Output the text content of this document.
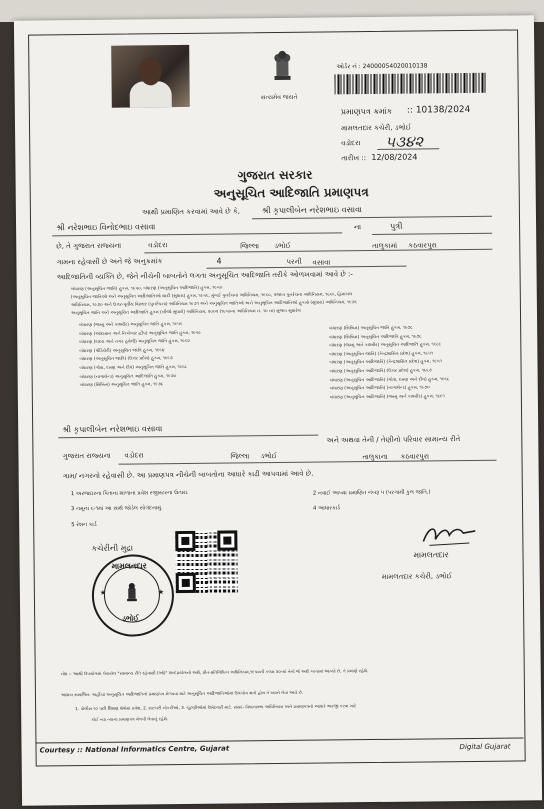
સત્યમેવ જયતે
ઓર્ડર નં : 24000054020010138
પ્રમાણપત્ર ક્રમાંક :: 10138/2024
મામલતદાર કચેરી, ડભોઈ
વડોદરા ૫૩૪૨
તારીખ :: 12/08/2024
ગુજરાત સરકાર
અનુસૂચિત આદિજાતિ પ્રમાણપત્ર
આથી પ્રમાણિત કરવામાં આવે છે કે,	શ્રી કૃપાલીબેન નરેશભાઇ વસાવા
શ્રી નરેશભાઇ વિનોદભાઇ વસાવા	ના	પુત્રી
છે, તે ગુજરાત રાજ્યના	વડોદરા	જિલ્લા ડભોઈ	તાલુકામાં કઠવારપુરા
ગામના રહેવાસી છે અને જે અનુક્રમાંક	4	પરની વસાવા
આદિજાતિની વ્યક્તિ છે, જેને નીચેની બાબતોને લગતા અનુસૂચિત આદિજાતિ તરીકે ઓળખવામાં આવે છે :-
બંધારણ (અનુસૂચિત જાતિ) હુકમ, ૧૯૫૦, બંધારણ (અનુસૂચિત આદિજાતિ) હુકમ, ૧૯૫૦
(અનુસૂચિત જાતિઓ અને અનુસૂચિત આદિજાતિઓ યાદી (સુધારા) હુકમ, ૧૯૫૬, મુંબઈ પુનર્રચના અધિનિયમ, ૧૯૬૦, પંજાબ પુનર્રચના અધિનિયમ, ૧૯૬૬, હિમાચલ
અધિનિયમ, ૧૯૭૦ અને ઉત્તર-પૂર્વીય વિસ્તાર (પુનર્રચના) અધિનિયમ ૧૯૭૧ અને અનુસૂચિત જાતિઓ અને અનુસૂચિત આદિજાતિઓ હુકમો (સુધારા) અધિનિયમ, ૧૯૭૬
અનુસૂચિત જાતિ અને અનુસૂચિત આદિજાતિ હુકમ (બીજો સુધારો) અધિનિયમ, ૨૦૦૨ (૧૯૫૦ના અધિનિયમ નં. ૧૦ ના) મુજબ સુધારેલ
બંધારણ (જમ્મુ અને કાશ્મીર) અનુસૂચિત જાતિ હુકમ, ૧૯૫૬
બંધારણ (આંદામાન અને નિકોબાર દ્વીપ) અનુસૂચિત જાતિ હુકમ, ૧૯૫૯
બંધારણ (દાદરા અને નગર હવેલી) અનુસૂચિત જાતિ હુકમ, ૧૯૬૨
બંધારણ (પોંડિચેરી) અનુસૂચિત જાતિ હુકમ, ૧૯૬૪
બંધારણ (અનુસૂચિત જાતિ) (ઉત્તર પ્રદેશ) હુકમ, ૧૯૬૭
બંધારણ (ગોવા, દમણ અને દીવ) અનુસૂચિત જાતિ હુકમ, ૧૯૬૮
બંધારણ (નાગાલેન્ડ) અનુસૂચિત આદિજાતિ હુકમ, ૧૯૭૦
બંધારણ (સિક્કિમ) અનુસૂચિત જાતિ હુકમ, ૧૯૭૮
બંધારણ (સિક્કિમ) અનુસૂચિત જાતિ હુકમ, ૧૯૭૮
બંધારણ (સિક્કિમ) અનુસૂચિત આદિજાતિ હુકમ, ૧૯૭૮
બંધારણ (જમ્મુ અને કાશ્મીર) અનુસૂચિત આદિજાતિ હુકમ, ૧૯૮૯
બંધારણ (અનુસૂચિત જાતિ) (કેન્દ્રશાસિત પ્રદેશ) હુકમ, ૧૯૫૧
બંધારણ (અનુસૂચિત આદિજાતિ) (કેન્દ્રશાસિત પ્રદેશ) હુકમ, ૧૯૫૧
બંધારણ (અનુસૂચિત આદિજાતિ) (ઉત્તર પ્રદેશ) હુકમ, ૧૯૬૭
બંધારણ (અનુસૂચિત આદિજાતિ) (ગોવા, દમણ અને દીવ) હુકમ, ૧૯૬૮
બંધારણ (અનુસૂચિત આદિજાતિ) (નાગાલેન્ડ) હુકમ, ૧૯૭૦
બંધારણ (અનુસૂચિત આદિજાતિ) (જમ્મુ અને કાશ્મીર) હુકમ, ૧૯૯૧
શ્રી કૃપાલીબેન નરેશભાઇ વસાવા
અને અથવા તેની / તેણીનો પરિવાર સામાન્ય રીતે
ગુજરાત રાજ્યના વડોદરા	જિલ્લા ડભોઈ	તાલુકાના કઠવારપુરા
ગામ/ નગરનો રહેવાસી છે. આ પ્રમાણપત્ર નીચેની બાબતોના આધારે કાઢી આપવામાં આવે છે.
1 અરજદારના પિતાના શાળાના પ્રવેશ રજીસ્ટરના ઉતારા.	2 નવાઈ આપ્યા પ્રમાણિત નંબરૂ પ (પરગામી કુલ જાતિ.)
3 નમૂના ૬-૧માં આ સાથે જોડેલ સોગંદનામું.	4 આધારકાર્ડ
5 રેશન કાર્ડ
મામલતદાર
મામલતદાર કચેરી, ડભોઈ
કચેરીની મુદ્રા
મામલતદાર
ડભોઈ
★	★
નોંધ :- આથી ઉપયોગમાં લેવાયેલ "સામાન્ય રીતે રહેવાસી (ઓ)" શબ્દપ્રયોગનો અર્થ, પ્રીત-પ્રતિનિધિત્વ અધિનિયમ,૧૯૫૦ની કલમ ૨૦-માં તેનો જે અર્થ કરવામાં આવ્યો છે, તે પ્રમાણે રહેશે.
આશય સમાજિતઃ અહીંયાં અનુસૂચિત આદિજાતિનો પ્રમાણપત્ર મેળવવા માટે અનુસૂચિત આદિજાતિઓમાં ઉપયોગ થતો હોય તે ધ્યાને લેવા આવે છે.
1. પોલીસ ૧૦ પછી શિક્ષણ ક્ષેત્રોમાં પ્રવેશ, 2. સરકારી નોકરીઓ, 3. ચૂંટણીઓમાં ઉમેદવારી માટે. સંસદ- વિધાનસભા અધિનિયમ અને પ્રમાણપત્રનો આધારે અરજી કરવા માટે
કોઈ ત્યા ત્યાના પ્રમાણપત્ર મેળવી લેવાનું રહેશે.
Courtesy :: National Informatics Centre, Gujarat	Digital Gujarat
